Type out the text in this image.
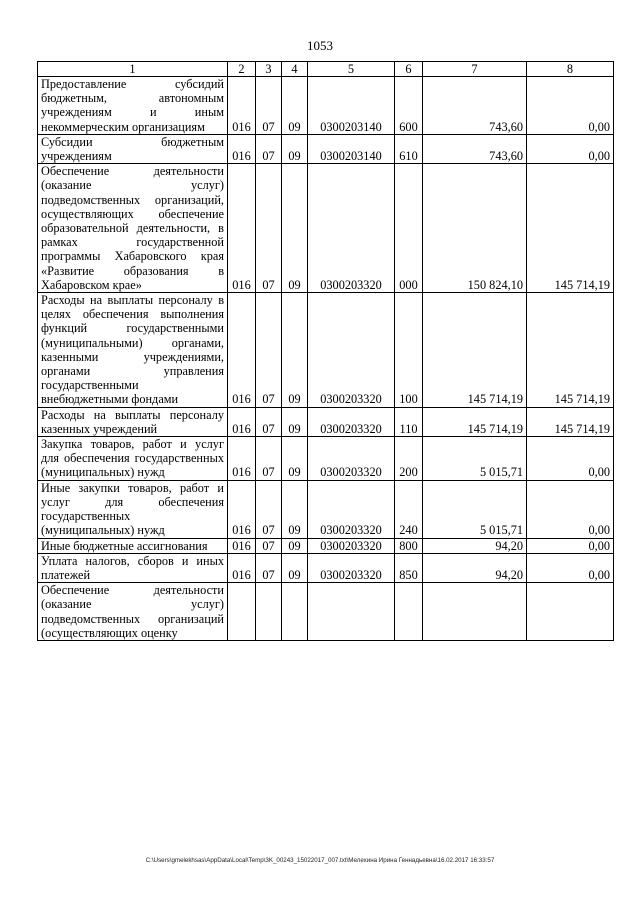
1053
1	2	3	4	5	6	7	8
Предоставление субсидий бюджетным, автономным учреждениям и иным некоммерческим организациям	016	07	09	0300203140	600	743,60	0,00
Субсидии бюджетным учреждениям	016	07	09	0300203140	610	743,60	0,00
Обеспечение деятельности (оказание услуг) подведомственных организаций, осуществляющих обеспечение образовательной деятельности, в рамках государственной программы Хабаровского края «Развитие образования в Хабаровском крае»	016	07	09	0300203320	000	150 824,10	145 714,19
Расходы на выплаты персоналу в целях обеспечения выполнения функций государственными (муниципальными) органами, казенными учреждениями, органами управления государственными внебюджетными фондами	016	07	09	0300203320	100	145 714,19	145 714,19
Расходы на выплаты персоналу казенных учреждений	016	07	09	0300203320	110	145 714,19	145 714,19
Закупка товаров, работ и услуг для обеспечения государственных (муниципальных) нужд	016	07	09	0300203320	200	5 015,71	0,00
Иные закупки товаров, работ и услуг для обеспечения государственных (муниципальных) нужд	016	07	09	0300203320	240	5 015,71	0,00
Иные бюджетные ассигнования	016	07	09	0300203320	800	94,20	0,00
Уплата налогов, сборов и иных платежей	016	07	09	0300203320	850	94,20	0,00
Обеспечение деятельности (оказание услуг) подведомственных организаций (осуществляющих оценку							
C:\Users\gmelekhsas\AppData\Local\Temp\3K_00243_15022017_007.txt\Мелехина Ирина Геннадьевна\16.02.2017 16:33:57
